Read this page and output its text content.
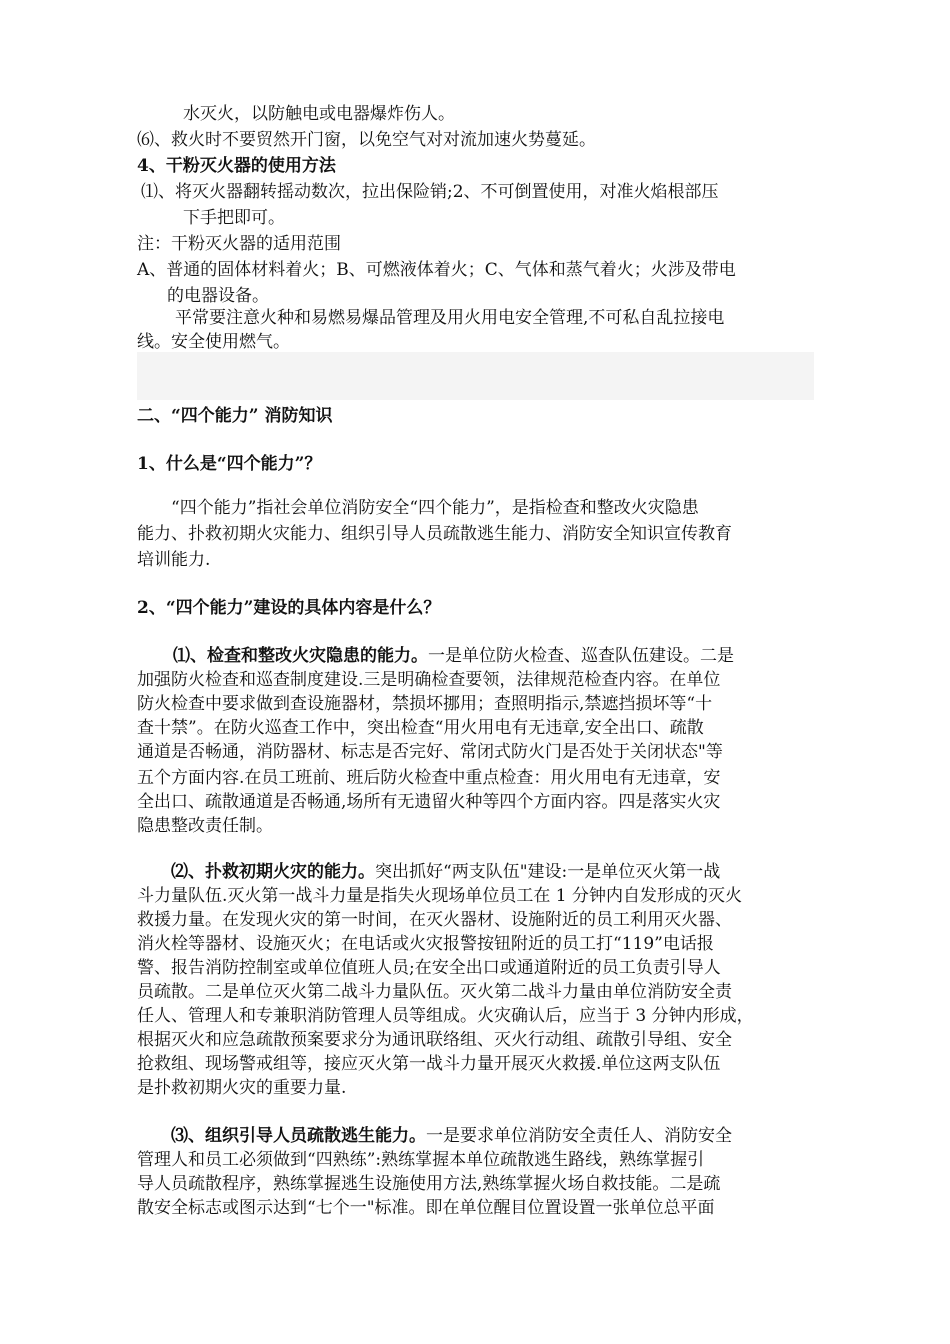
水灭火，以防触电或电器爆炸伤人。
⑹、救火时不要贸然开门窗，以免空气对对流加速火势蔓延。
4、干粉灭火器的使用方法
⑴、将灭火器翻转摇动数次，拉出保险销;2、不可倒置使用，对准火焰根部压
下手把即可。
注：干粉灭火器的适用范围
A、普通的固体材料着火；B、可燃液体着火；C、气体和蒸气着火；火涉及带电
的电器设备。
平常要注意火种和易燃易爆品管理及用火用电安全管理,不可私自乱拉接电
线。安全使用燃气。
二、“四个能力” 消防知识
1、什么是“四个能力”？
“四个能力”指社会单位消防安全“四个能力”，是指检查和整改火灾隐患
能力、扑救初期火灾能力、组织引导人员疏散逃生能力、消防安全知识宣传教育
培训能力.
2、“四个能力”建设的具体内容是什么？
⑴、检查和整改火灾隐患的能力。一是单位防火检查、巡查队伍建设。二是
加强防火检查和巡查制度建设.三是明确检查要领，法律规范检查内容。在单位
防火检查中要求做到查设施器材，禁损坏挪用；查照明指示,禁遮挡损坏等“十
查十禁”。在防火巡查工作中，突出检查“用火用电有无违章,安全出口、疏散
通道是否畅通，消防器材、标志是否完好、常闭式防火门是否处于关闭状态"等
五个方面内容.在员工班前、班后防火检查中重点检查：用火用电有无违章，安
全出口、疏散通道是否畅通,场所有无遗留火种等四个方面内容。四是落实火灾
隐患整改责任制。
⑵、扑救初期火灾的能力。突出抓好“两支队伍"建设:一是单位灭火第一战
斗力量队伍.灭火第一战斗力量是指失火现场单位员工在 1 分钟内自发形成的灭火
救援力量。在发现火灾的第一时间，在灭火器材、设施附近的员工利用灭火器、
消火栓等器材、设施灭火；在电话或火灾报警按钮附近的员工打“119”电话报
警、报告消防控制室或单位值班人员;在安全出口或通道附近的员工负责引导人
员疏散。二是单位灭火第二战斗力量队伍。灭火第二战斗力量由单位消防安全责
任人、管理人和专兼职消防管理人员等组成。火灾确认后，应当于 3 分钟内形成，
根据灭火和应急疏散预案要求分为通讯联络组、灭火行动组、疏散引导组、安全
抢救组、现场警戒组等，接应灭火第一战斗力量开展灭火救援.单位这两支队伍
是扑救初期火灾的重要力量.
⑶、组织引导人员疏散逃生能力。一是要求单位消防安全责任人、消防安全
管理人和员工必须做到“四熟练”:熟练掌握本单位疏散逃生路线，熟练掌握引
导人员疏散程序，熟练掌握逃生设施使用方法,熟练掌握火场自救技能。二是疏
散安全标志或图示达到“七个一"标准。即在单位醒目位置设置一张单位总平面
